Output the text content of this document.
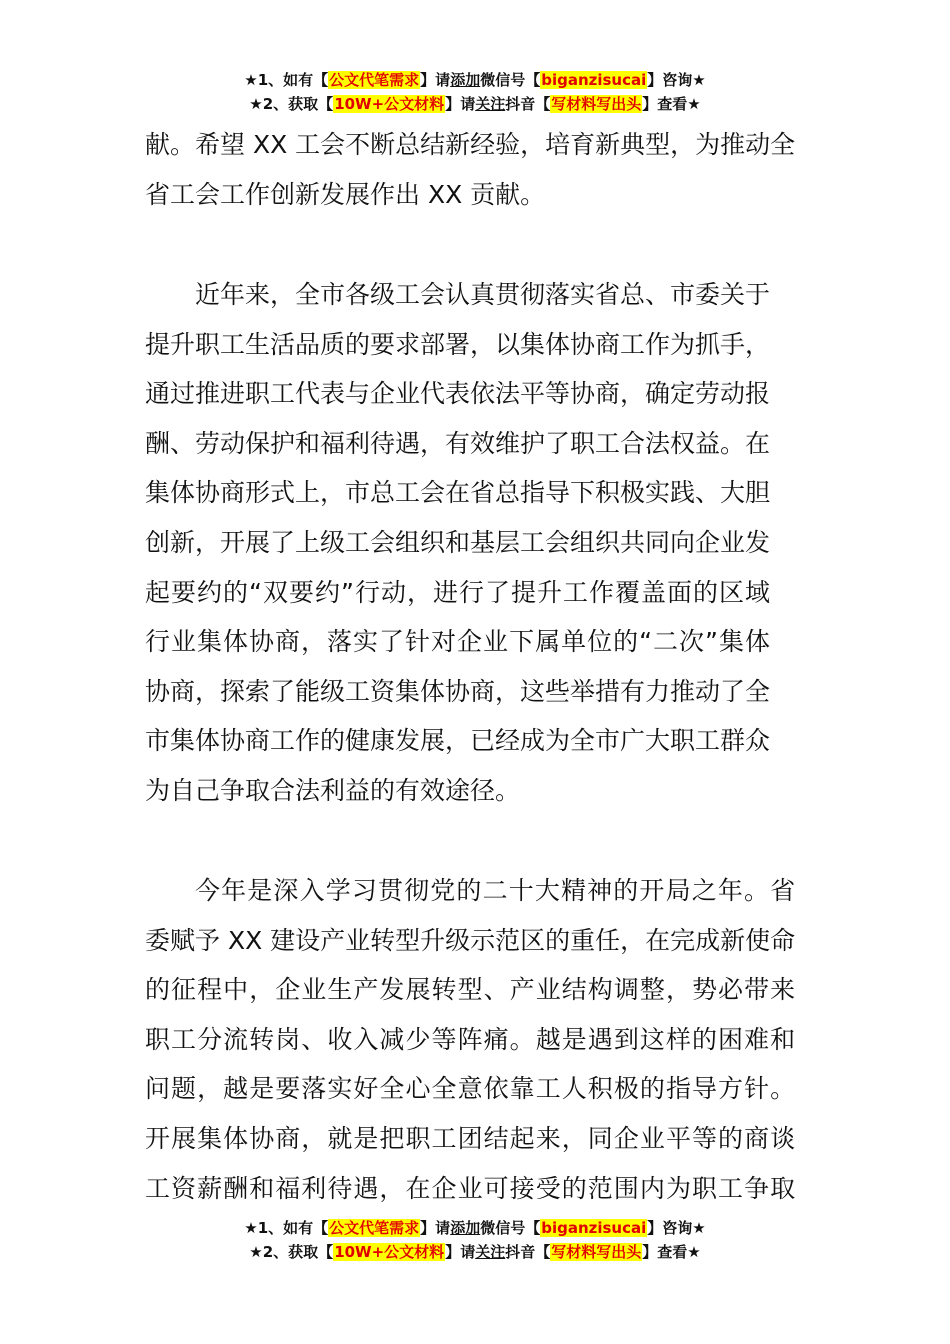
★1、如有【公文代笔需求】请添加微信号【biganzisucai】咨询★
★2、获取【10W+公文材料】请关注抖音【写材料写出头】查看★

献。希望 XX 工会不断总结新经验，培育新典型，为推动全
省工会工作创新发展作出 XX 贡献。

近年来，全市各级工会认真贯彻落实省总、市委关于
提升职工生活品质的要求部署，以集体协商工作为抓手，
通过推进职工代表与企业代表依法平等协商，确定劳动报
酬、劳动保护和福利待遇，有效维护了职工合法权益。在
集体协商形式上，市总工会在省总指导下积极实践、大胆
创新，开展了上级工会组织和基层工会组织共同向企业发
起要约的“双要约”行动，进行了提升工作覆盖面的区域
行业集体协商，落实了针对企业下属单位的“二次”集体
协商，探索了能级工资集体协商，这些举措有力推动了全
市集体协商工作的健康发展，已经成为全市广大职工群众
为自己争取合法利益的有效途径。

今年是深入学习贯彻党的二十大精神的开局之年。省
委赋予 XX 建设产业转型升级示范区的重任，在完成新使命
的征程中，企业生产发展转型、产业结构调整，势必带来
职工分流转岗、收入减少等阵痛。越是遇到这样的困难和
问题，越是要落实好全心全意依靠工人积极的指导方针。
开展集体协商，就是把职工团结起来，同企业平等的商谈
工资薪酬和福利待遇，在企业可接受的范围内为职工争取

★1、如有【公文代笔需求】请添加微信号【biganzisucai】咨询★
★2、获取【10W+公文材料】请关注抖音【写材料写出头】查看★
